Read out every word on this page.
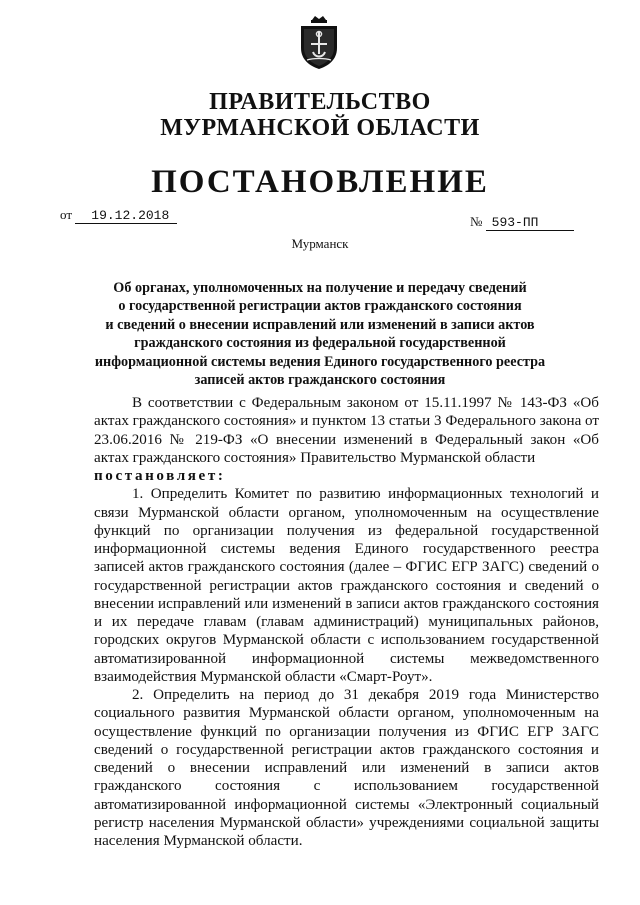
ПРАВИТЕЛЬСТВО
МУРМАНСКОЙ ОБЛАСТИ
ПОСТАНОВЛЕНИЕ
от 19.12.2018	№ 593-ПП
Мурманск
Об органах, уполномоченных на получение и передачу сведений
о государственной регистрации актов гражданского состояния
и сведений о внесении исправлений или изменений в записи актов
гражданского состояния из федеральной государственной
информационной системы ведения Единого государственного реестра
записей актов гражданского состояния

В соответствии с Федеральным законом от 15.11.1997 № 143-ФЗ «Об актах гражданского состояния» и пунктом 13 статьи 3 Федерального закона от 23.06.2016 № 219-ФЗ «О внесении изменений в Федеральный закон «Об актах гражданского состояния» Правительство Мурманской области

постановляет:

1. Определить Комитет по развитию информационных технологий и связи Мурманской области органом, уполномоченным на осуществление функций по организации получения из федеральной государственной информационной системы ведения Единого государственного реестра записей актов гражданского состояния (далее – ФГИС ЕГР ЗАГС) сведений о государственной регистрации актов гражданского состояния и сведений о внесении исправлений или изменений в записи актов гражданского состояния и их передаче главам (главам администраций) муниципальных районов, городских округов Мурманской области с использованием государственной автоматизированной информационной системы межведомственного взаимодействия Мурманской области «Смарт-Роут».

2. Определить на период до 31 декабря 2019 года Министерство социального развития Мурманской области органом, уполномоченным на осуществление функций по организации получения из ФГИС ЕГР ЗАГС сведений о государственной регистрации актов гражданского состояния и сведений о внесении исправлений или изменений в записи актов гражданского состояния с использованием государственной автоматизированной информационной системы «Электронный социальный регистр населения Мурманской области» учреждениями социальной защиты населения Мурманской области.
